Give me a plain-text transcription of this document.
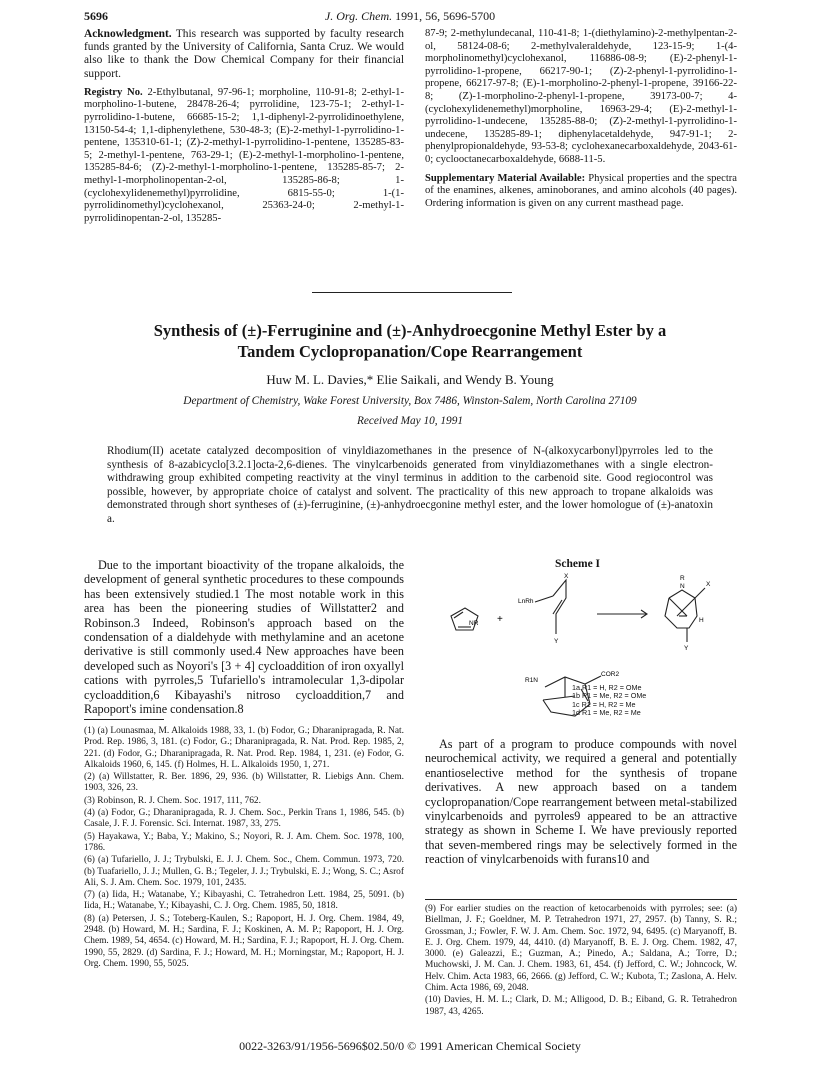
5696	J. Org. Chem. 1991, 56, 5696-5700

Acknowledgment. This research was supported by faculty research funds granted by the University of California, Santa Cruz. We would also like to thank the Dow Chemical Company for their financial support.

Registry No. 2-Ethylbutanal, 97-96-1; morpholine, 110-91-8; 2-ethyl-1-morpholino-1-butene, 28478-26-4; pyrrolidine, 123-75-1; 2-ethyl-1-pyrrolidino-1-butene, 66685-15-2; 1,1-diphenyl-2-pyrrolidinoethylene, 13150-54-4; 1,1-diphenylethene, 530-48-3; (E)-2-methyl-1-pyrrolidino-1-pentene, 135310-61-1; (Z)-2-methyl-1-pyrrolidino-1-pentene, 135285-83-5; 2-methyl-1-pentene, 763-29-1; (E)-2-methyl-1-morpholino-1-pentene, 135285-84-6; (Z)-2-methyl-1-morpholino-1-pentene, 135285-85-7; 2-methyl-1-morpholinopentan-2-ol, 135285-86-8; 1-(cyclohexylidenemethyl)pyrrolidine, 6815-55-0; 1-(1-pyrrolidinomethyl)cyclohexanol, 25363-24-0; 2-methyl-1-pyrrolidinopentan-2-ol, 135285-

87-9; 2-methylundecanal, 110-41-8; 1-(diethylamino)-2-methylpentan-2-ol, 58124-08-6; 2-methylvaleraldehyde, 123-15-9; 1-(4-morpholinomethyl)cyclohexanol, 116886-08-9; (E)-2-phenyl-1-pyrrolidino-1-propene, 66217-90-1; (Z)-2-phenyl-1-pyrrolidino-1-propene, 66217-97-8; (E)-1-morpholino-2-phenyl-1-propene, 39166-22-8; (Z)-1-morpholino-2-phenyl-1-propene, 39173-00-7; 4-(cyclohexylidenemethyl)morpholine, 16963-29-4; (E)-2-methyl-1-pyrrolidino-1-undecene, 135285-88-0; (Z)-2-methyl-1-pyrrolidino-1-undecene, 135285-89-1; diphenylacetaldehyde, 947-91-1; 2-phenylpropionaldehyde, 93-53-8; cyclohexanecarboxaldehyde, 2043-61-0; cyclooctanecarboxaldehyde, 6688-11-5.

Supplementary Material Available: Physical properties and the spectra of the enamines, alkenes, aminoboranes, and amino alcohols (40 pages). Ordering information is given on any current masthead page.

Synthesis of (±)-Ferruginine and (±)-Anhydroecgonine Methyl Ester by a
Tandem Cyclopropanation/Cope Rearrangement
Huw M. L. Davies,* Elie Saikali, and Wendy B. Young
Department of Chemistry, Wake Forest University, Box 7486, Winston-Salem, North Carolina 27109
Received May 10, 1991
Rhodium(II) acetate catalyzed decomposition of vinyldiazomethanes in the presence of N-(alkoxycarbonyl)pyrroles led to the synthesis of 8-azabicyclo[3.2.1]octa-2,6-dienes. The vinylcarbenoids generated from vinyldiazomethanes with a single electron-withdrawing group exhibited competing reactivity at the vinyl terminus in addition to the carbenoid site. Good regiocontrol was possible, however, by appropriate choice of catalyst and solvent. The practicality of this new approach to tropane alkaloids was demonstrated through short syntheses of (±)-ferruginine, (±)-anhydroecgonine methyl ester, and the lower homologue of (±)-anatoxin a.
Due to the important bioactivity of the tropane alkaloids, the development of general synthetic procedures to these compounds has been extensively studied.1 The most notable work in this area has been the pioneering studies of Willstatter2 and Robinson.3 Indeed, Robinson's approach based on the condensation of a dialdehyde with methylamine and an acetone derivative is still commonly used.4 New approaches have been developed such as Noyori's [3 + 4] cycloaddition of iron oxyallyl cations with pyrroles,5 Tufariello's intramolecular 1,3-dipolar cycloaddition,6 Kibayashi's nitroso cycloaddition,7 and Rapoport's imine condensation.8

(1) (a) Lounasmaa, M. Alkaloids 1988, 33, 1. (b) Fodor, G.; Dharanipragada, R. Nat. Prod. Rep. 1986, 3, 181. (c) Fodor, G.; Dharanipragada, R. Nat. Prod. Rep. 1985, 2, 221. (d) Fodor, G.; Dharanipragada, R. Nat. Prod. Rep. 1984, 1, 231. (e) Fodor, G. Alkaloids 1960, 6, 145. (f) Holmes, H. L. Alkaloids 1950, 1, 271.

(2) (a) Willstatter, R. Ber. 1896, 29, 936. (b) Willstatter, R. Liebigs Ann. Chem. 1903, 326, 23.

(3) Robinson, R. J. Chem. Soc. 1917, 111, 762.

(4) (a) Fodor, G.; Dharanipragada, R. J. Chem. Soc., Perkin Trans 1, 1986, 545. (b) Casale, J. F. J. Forensic. Sci. Internat. 1987, 33, 275.

(5) Hayakawa, Y.; Baba, Y.; Makino, S.; Noyori, R. J. Am. Chem. Soc. 1978, 100, 1786.

(6) (a) Tufariello, J. J.; Trybulski, E. J. J. Chem. Soc., Chem. Commun. 1973, 720. (b) Tuafariello, J. J.; Mullen, G. B.; Tegeler, J. J.; Trybulski, E. J.; Wong, S. C.; Asrof Ali, S. J. Am. Chem. Soc. 1979, 101, 2435.

(7) (a) Iida, H.; Watanabe, Y.; Kibayashi, C. Tetrahedron Lett. 1984, 25, 5091. (b) Iida, H.; Watanabe, Y.; Kibayashi, C. J. Org. Chem. 1985, 50, 1818.

(8) (a) Petersen, J. S.; Toteberg-Kaulen, S.; Rapoport, H. J. Org. Chem. 1984, 49, 2948. (b) Howard, M. H.; Sardina, F. J.; Koskinen, A. M. P.; Rapoport, H. J. Org. Chem. 1989, 54, 4654. (c) Howard, M. H.; Sardina, F. J.; Rapoport, H. J. Org. Chem. 1990, 55, 2829. (d) Sardina, F. J.; Howard, M. H.; Morningstar, M.; Rapoport, H. J. Org. Chem. 1990, 55, 5025.

Scheme I
NR +
LnRh
X
Y
R
N	X
H
Y
R1N
COR2
1a R1 = H, R2 = OMe
1b R1 = Me, R2 = OMe
1c R1 = H, R2 = Me
1d R1 = Me, R2 = Me
As part of a program to produce compounds with novel neurochemical activity, we required a general and potentially enantioselective method for the synthesis of tropane derivatives. A new approach based on a tandem cyclopropanation/Cope rearrangement between metal-stabilized vinylcarbenoids and pyrroles9 appeared to be an attractive strategy as shown in Scheme I. We have previously reported that seven-membered rings may be selectively formed in the reaction of vinylcarbenoids with furans10 and

(9) For earlier studies on the reaction of ketocarbenoids with pyrroles; see: (a) Biellman, J. F.; Goeldner, M. P. Tetrahedron 1971, 27, 2957. (b) Tanny, S. R.; Grossman, J.; Fowler, F. W. J. Am. Chem. Soc. 1972, 94, 6495. (c) Maryanoff, B. E. J. Org. Chem. 1979, 44, 4410. (d) Maryanoff, B. E. J. Org. Chem. 1982, 47, 3000. (e) Galeazzi, E.; Guzman, A.; Pinedo, A.; Saldana, A.; Torre, D.; Muchowski, J. M. Can. J. Chem. 1983, 61, 454. (f) Jefford, C. W.; Johncock, W. Helv. Chim. Acta 1983, 66, 2666. (g) Jefford, C. W.; Kubota, T.; Zaslona, A. Helv. Chim. Acta 1986, 69, 2048.

(10) Davies, H. M. L.; Clark, D. M.; Alligood, D. B.; Eiband, G. R. Tetrahedron 1987, 43, 4265.

0022-3263/91/1956-5696$02.50/0 © 1991 American Chemical Society
